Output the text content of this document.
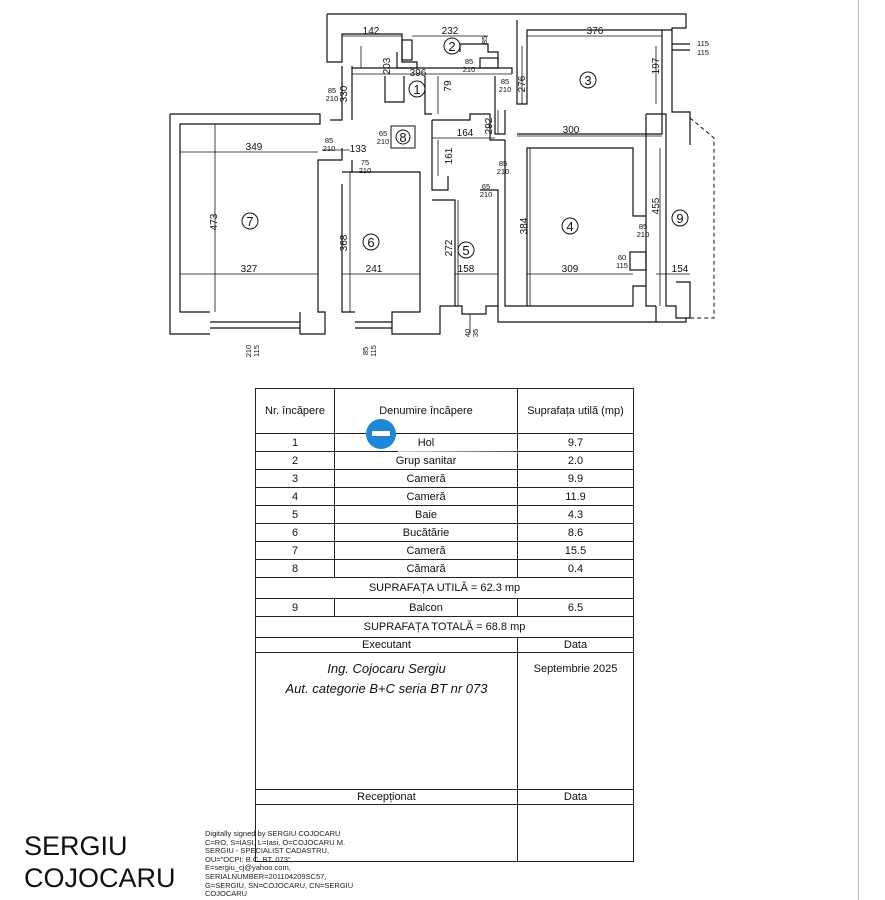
1
2
3
4
5
6
7
8
9
142	232	376
396
300
164
349	133
327	241	158	309	154
203
330
276
197
79
292
161
473
368	272
384
455
85
210
85
85
210
85
210
85
210
65
210
75
210
85
210
65
210
85
210
60
115
115
115
210 115	85 115
40 35
Nr. încăpere	Denumire încăpere	Suprafața utilă (mp)
1	Hol	9.7
2	Grup sanitar	2.0
3	Cameră	9.9
4	Cameră	11.9
5	Baie	4.3
6	Bucătărie	8.6
7	Cameră	15.5
8	Cămară	0.4
SUPRAFAȚA UTILĂ = 62.3 mp		
9	Balcon	6.5
SUPRAFAȚA TOTALĂ = 68.8 mp		
Executant		Data

Ing. Cojocaru Sergiu
Aut. categorie B+C seria BT nr 073		Septembrie 2025

Recepționat		Data

SERGIU
COJOCARU
Digitally signed by SERGIU COJOCARU
C=RO, S=IAȘI, L=Iasi, O=COJOCARU M.
SERGIU - SPECIALIST CADASTRU,
OU="OCPI: B.C. BT. 073",
E=sergiu_cj@yahoo.com,
SERIALNUMBER=201104209SC57,
G=SERGIU, SN=COJOCARU, CN=SERGIU
COJOCARU
